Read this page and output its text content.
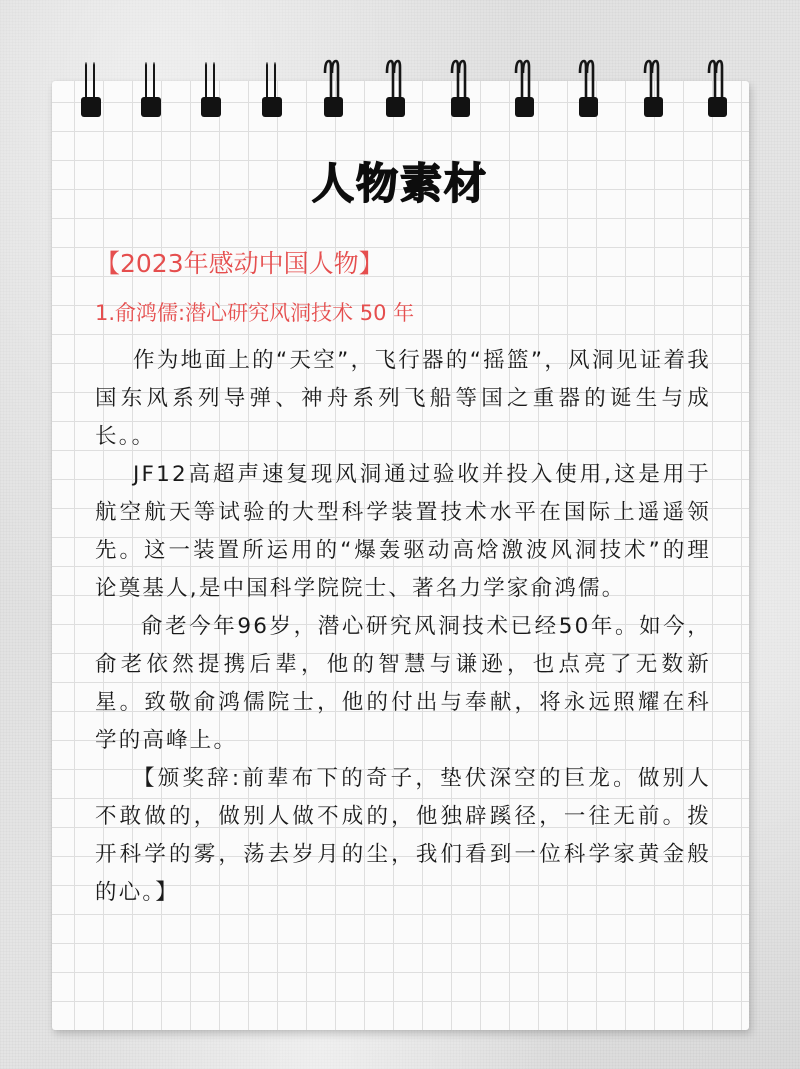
人物素材
【2023年感动中国人物】
1.俞鸿儒:潜心研究风洞技术 50 年

作为地面上的“天空”，飞行器的“摇篮”，风洞见证着我国东风系列导弹、神舟系列飞船等国之重器的诞生与成长。。

JF12高超声速复现风洞通过验收并投入使用,这是用于航空航天等试验的大型科学装置技术水平在国际上遥遥领先。这一装置所运用的“爆轰驱动高焓激波风洞技术”的理论奠基人,是中国科学院院士、著名力学家俞鸿儒。

俞老今年96岁，潜心研究风洞技术已经50年。如今，俞老依然提携后辈，他的智慧与谦逊，也点亮了无数新星。致敬俞鸿儒院士，他的付出与奉献，将永远照耀在科学的高峰上。

【颁奖辞:前辈布下的奇子，垫伏深空的巨龙。做别人不敢做的，做别人做不成的，他独辟蹊径，一往无前。拨开科学的雾，荡去岁月的尘，我们看到一位科学家黄金般的心。】
